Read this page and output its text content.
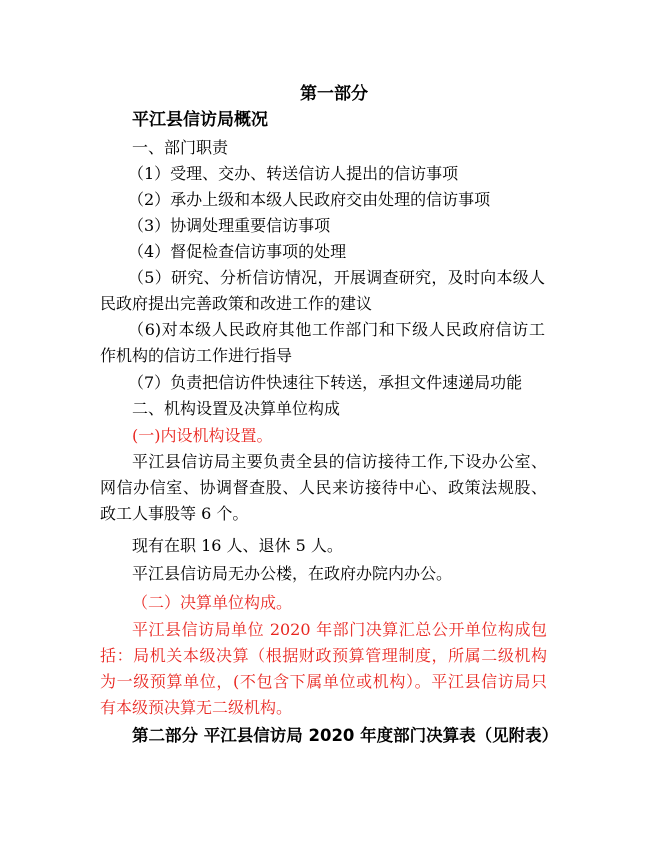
第一部分
平江县信访局概况
一、部门职责
（1）受理、交办、转送信访人提出的信访事项
（2）承办上级和本级人民政府交由处理的信访事项
（3）协调处理重要信访事项
（4）督促检查信访事项的处理
（5）研究、分析信访情况，开展调查研究，及时向本级人
民政府提出完善政策和改进工作的建议
（6)对本级人民政府其他工作部门和下级人民政府信访工
作机构的信访工作进行指导
（7）负责把信访件快速往下转送，承担文件速递局功能
二、机构设置及决算单位构成
(一)内设机构设置。
平江县信访局主要负责全县的信访接待工作,下设办公室、
网信办信室、协调督查股、人民来访接待中心、政策法规股、
政工人事股等 6 个。
现有在职 16 人、退休 5 人。
平江县信访局无办公楼，在政府办院内办公。
（二）决算单位构成。
平江县信访局单位 2020 年部门决算汇总公开单位构成包
括：局机关本级决算（根据财政预算管理制度，所属二级机构
为一级预算单位，(不包含下属单位或机构）。平江县信访局只
有本级预决算无二级机构。
第二部分 平江县信访局 2020 年度部门决算表（见附表）
